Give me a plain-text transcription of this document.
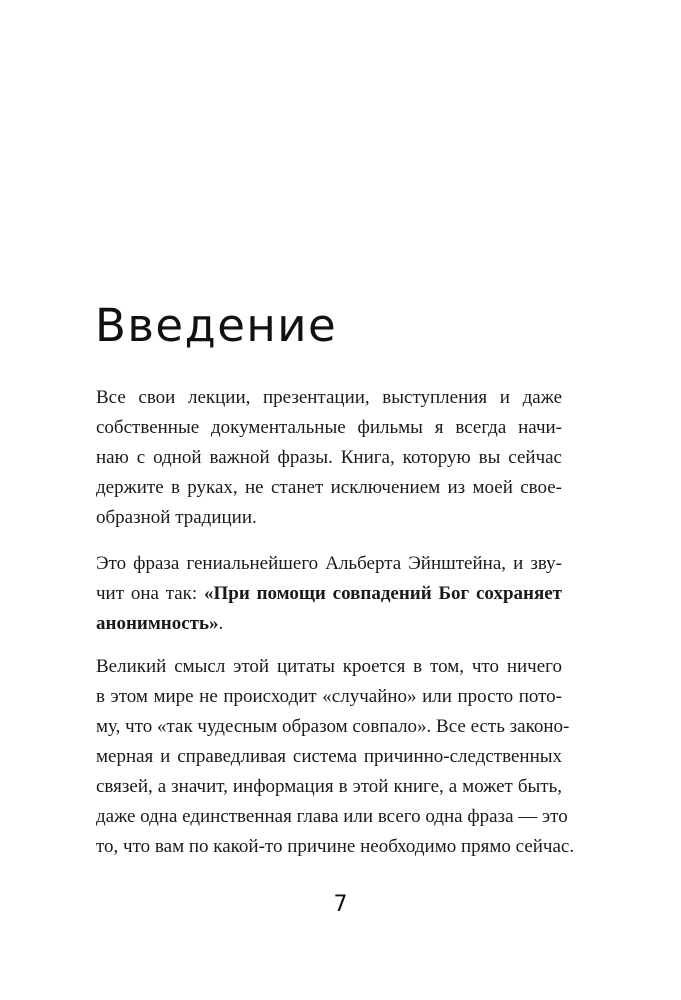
Введение
Все свои лекции, презентации, выступления и даже
собственные документальные фильмы я всегда начи-
наю с одной важной фразы. Книга, которую вы сейчас
держите в руках, не станет исключением из моей свое-
образной традиции.
Это фраза гениальнейшего Альберта Эйнштейна, и зву-
чит она так: «При помощи совпадений Бог сохраняет
анонимность».
Великий смысл этой цитаты кроется в том, что ничего
в этом мире не происходит «случайно» или просто пото-
му, что «так чудесным образом совпало». Все есть законо-
мерная и справедливая система причинно-следственных
связей, а значит, информация в этой книге, а может быть,
даже одна единственная глава или всего одна фраза — это
то, что вам по какой-то причине необходимо прямо сейчас.
7
